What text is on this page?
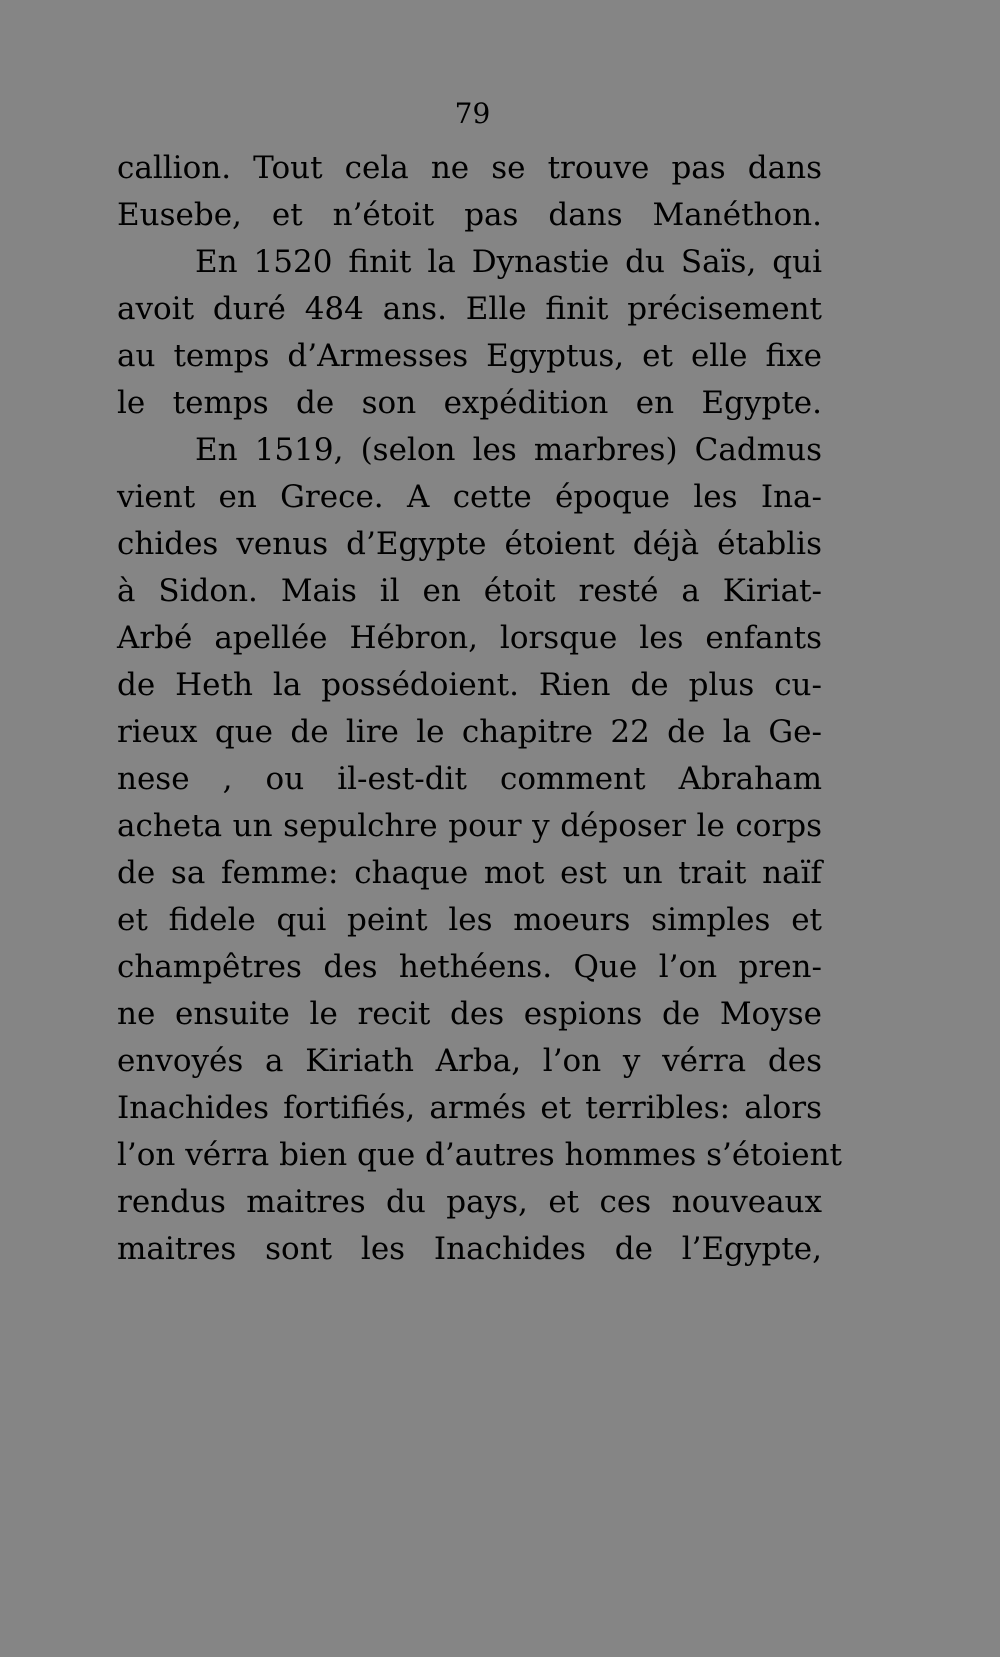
79
callion. Tout cela ne se trouve pas dans
Eusebe, et n’étoit pas dans Manéthon.
En 1520 finit la Dynastie du Saïs, qui
avoit duré 484 ans. Elle finit précisement
au temps d’Armesses Egyptus, et elle fixe
le temps de son expédition en Egypte.
En 1519, (selon les marbres) Cadmus
vient en Grece. A cette époque les Ina-
chides venus d’Egypte étoient déjà établis
à Sidon. Mais il en étoit resté a Kiriat-
Arbé apellée Hébron, lorsque les enfants
de Heth la possédoient. Rien de plus cu-
rieux que de lire le chapitre 22 de la Ge-
nese , ou il-est-dit comment Abraham
acheta un sepulchre pour y déposer le corps
de sa femme: chaque mot est un trait naïf
et fidele qui peint les moeurs simples et
champêtres des hethéens. Que l’on pren-
ne ensuite le recit des espions de Moyse
envoyés a Kiriath Arba, l’on y vérra des
Inachides fortifiés, armés et terribles: alors
l’on vérra bien que d’autres hommes s’étoient
rendus maitres du pays, et ces nouveaux
maitres sont les Inachides de l’Egypte,
